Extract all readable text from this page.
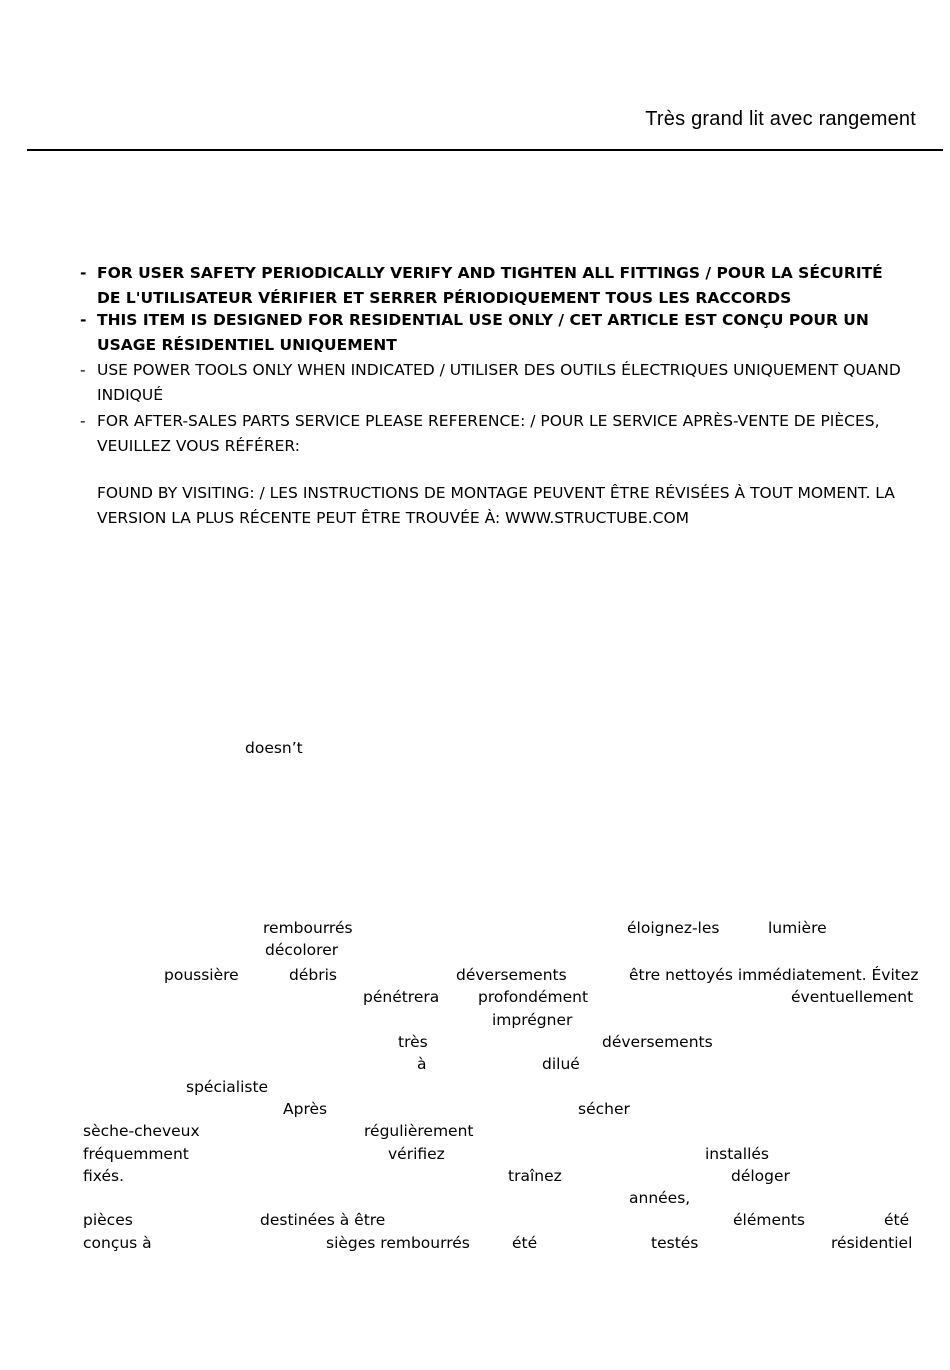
Très grand lit avec rangement
- FOR USER SAFETY PERIODICALLY VERIFY AND TIGHTEN ALL FITTINGS / POUR LA SÉCURITÉ DE L'UTILISATEUR VÉRIFIER ET SERRER PÉRIODIQUEMENT TOUS LES RACCORDS
- THIS ITEM IS DESIGNED FOR RESIDENTIAL USE ONLY / CET ARTICLE EST CONÇU POUR UN USAGE RÉSIDENTIEL UNIQUEMENT
- USE POWER TOOLS ONLY WHEN INDICATED / UTILISER DES OUTILS ÉLECTRIQUES UNIQUEMENT QUAND INDIQUÉ
- FOR AFTER-SALES PARTS SERVICE PLEASE REFERENCE: / POUR LE SERVICE APRÈS-VENTE DE PIÈCES, VEUILLEZ VOUS RÉFÉRER:
FOUND BY VISITING: / LES INSTRUCTIONS DE MONTAGE PEUVENT ÊTRE RÉVISÉES À TOUT MOMENT. LA VERSION LA PLUS RÉCENTE PEUT ÊTRE TROUVÉE À: WWW.STRUCTUBE.COM
doesn’t
rembourrés	éloignez-les	lumière
décolorer
poussière	débris	déversements	être nettoyés immédiatement. Évitez
pénétrera profondément	éventuellement
imprégner
très	déversements
à	dilué
spécialiste
Après	sécher
sèche-cheveux	régulièrement
fréquemment	vérifiez	installés
fixés.	traînez	déloger
années,
pièces	destinées à être	éléments	été
conçus à	sièges rembourrés	été	testés	résidentiel
